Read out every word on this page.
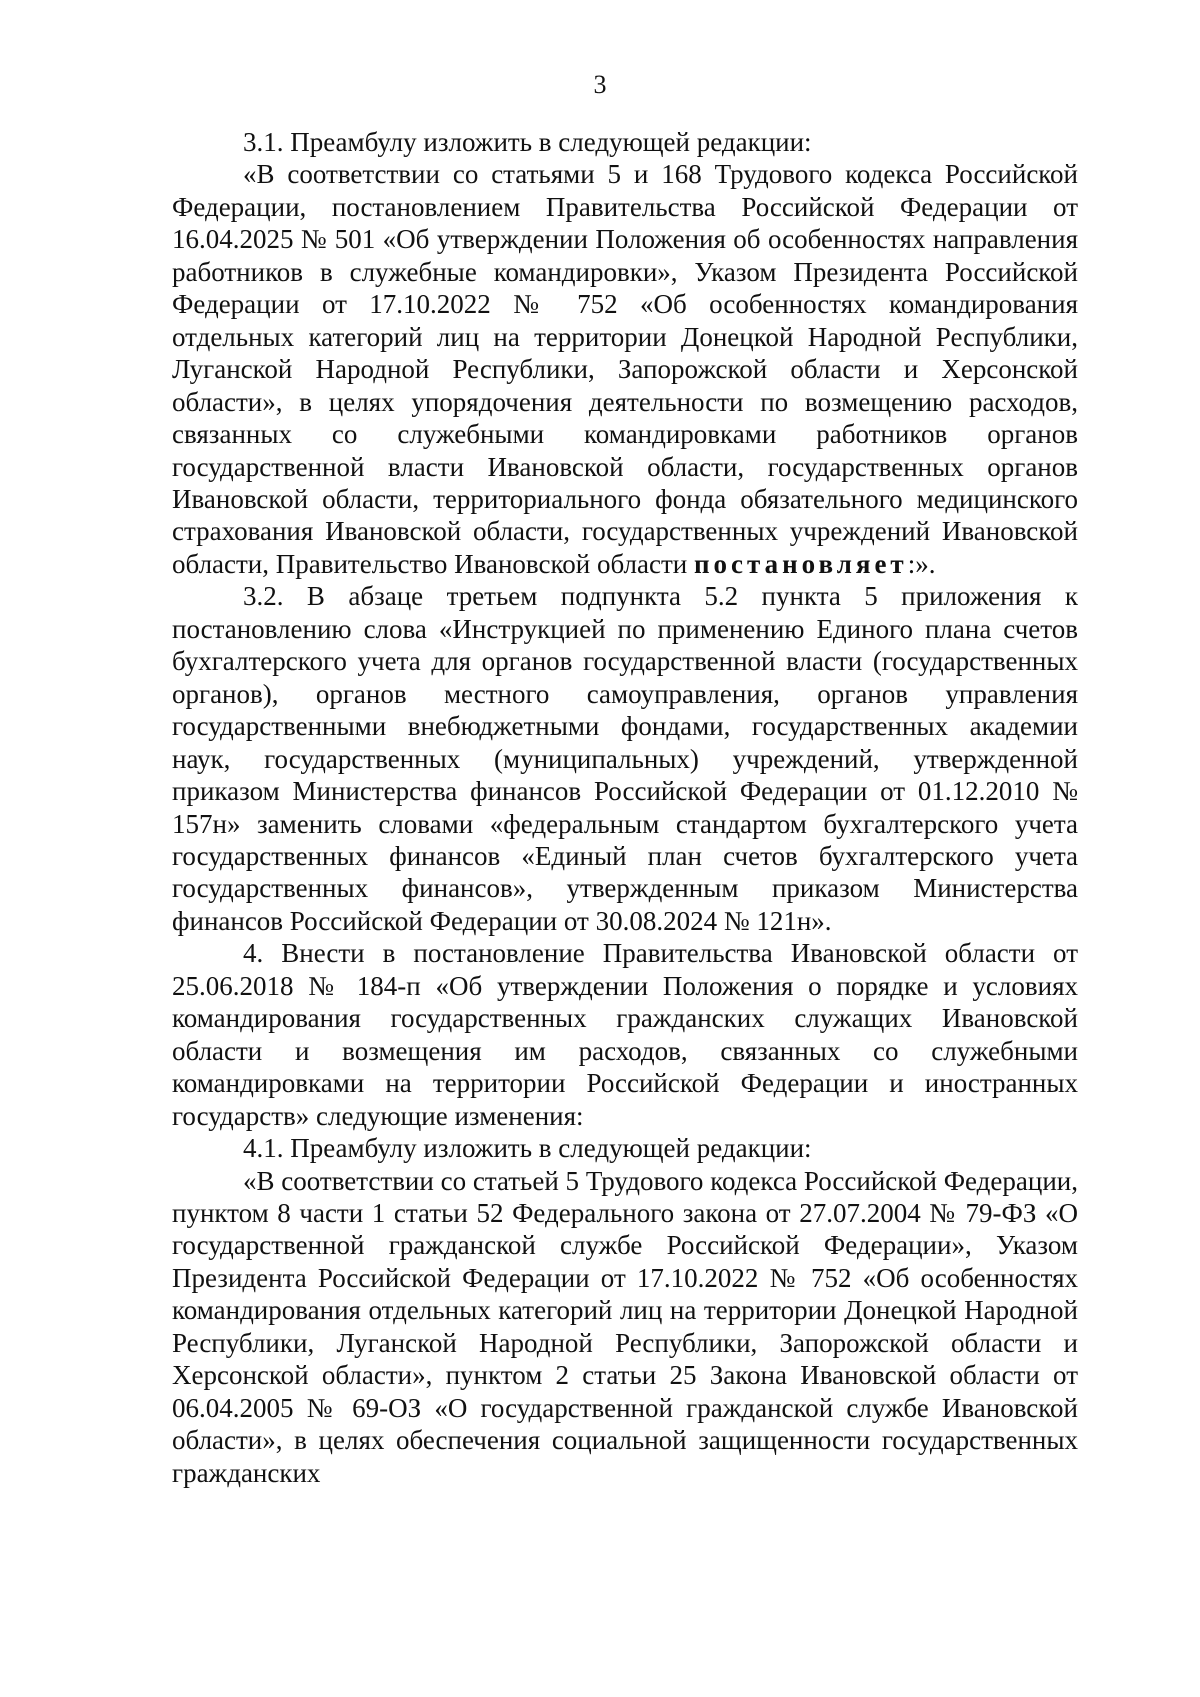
3

3.1. Преамбулу изложить в следующей редакции:

«В соответствии со статьями 5 и 168 Трудового кодекса Российской Федерации, постановлением Правительства Российской Федерации от 16.04.2025 № 501 «Об утверждении Положения об особенностях направления работников в служебные командировки», Указом Президента Российской Федерации от 17.10.2022 № 752 «Об особенностях командирования отдельных категорий лиц на территории Донецкой Народной Республики, Луганской Народной Республики, Запорожской области и Херсонской области», в целях упорядочения деятельности по возмещению расходов, связанных со служебными командировками работников органов государственной власти Ивановской области, государственных органов Ивановской области, территориального фонда обязательного медицинского страхования Ивановской области, государственных учреждений Ивановской области, Правительство Ивановской области постановляет:».

3.2. В абзаце третьем подпункта 5.2 пункта 5 приложения к постановлению слова «Инструкцией по применению Единого плана счетов бухгалтерского учета для органов государственной власти (государственных органов), органов местного самоуправления, органов управления государственными внебюджетными фондами, государственных академии наук, государственных (муниципальных) учреждений, утвержденной приказом Министерства финансов Российской Федерации от 01.12.2010 № 157н» заменить словами «федеральным стандартом бухгалтерского учета государственных финансов «Единый план счетов бухгалтерского учета государственных финансов», утвержденным приказом Министерства финансов Российской Федерации от 30.08.2024 № 121н».

4. Внести в постановление Правительства Ивановской области от 25.06.2018 № 184-п «Об утверждении Положения о порядке и условиях командирования государственных гражданских служащих Ивановской области и возмещения им расходов, связанных со служебными командировками на территории Российской Федерации и иностранных государств» следующие изменения:

4.1. Преамбулу изложить в следующей редакции:

«В соответствии со статьей 5 Трудового кодекса Российской Федерации, пунктом 8 части 1 статьи 52 Федерального закона от 27.07.2004 № 79-ФЗ «О государственной гражданской службе Российской Федерации», Указом Президента Российской Федерации от 17.10.2022 № 752 «Об особенностях командирования отдельных категорий лиц на территории Донецкой Народной Республики, Луганской Народной Республики, Запорожской области и Херсонской области», пунктом 2 статьи 25 Закона Ивановской области от 06.04.2005 № 69-ОЗ «О государственной гражданской службе Ивановской области», в целях обеспечения социальной защищенности государственных гражданских
